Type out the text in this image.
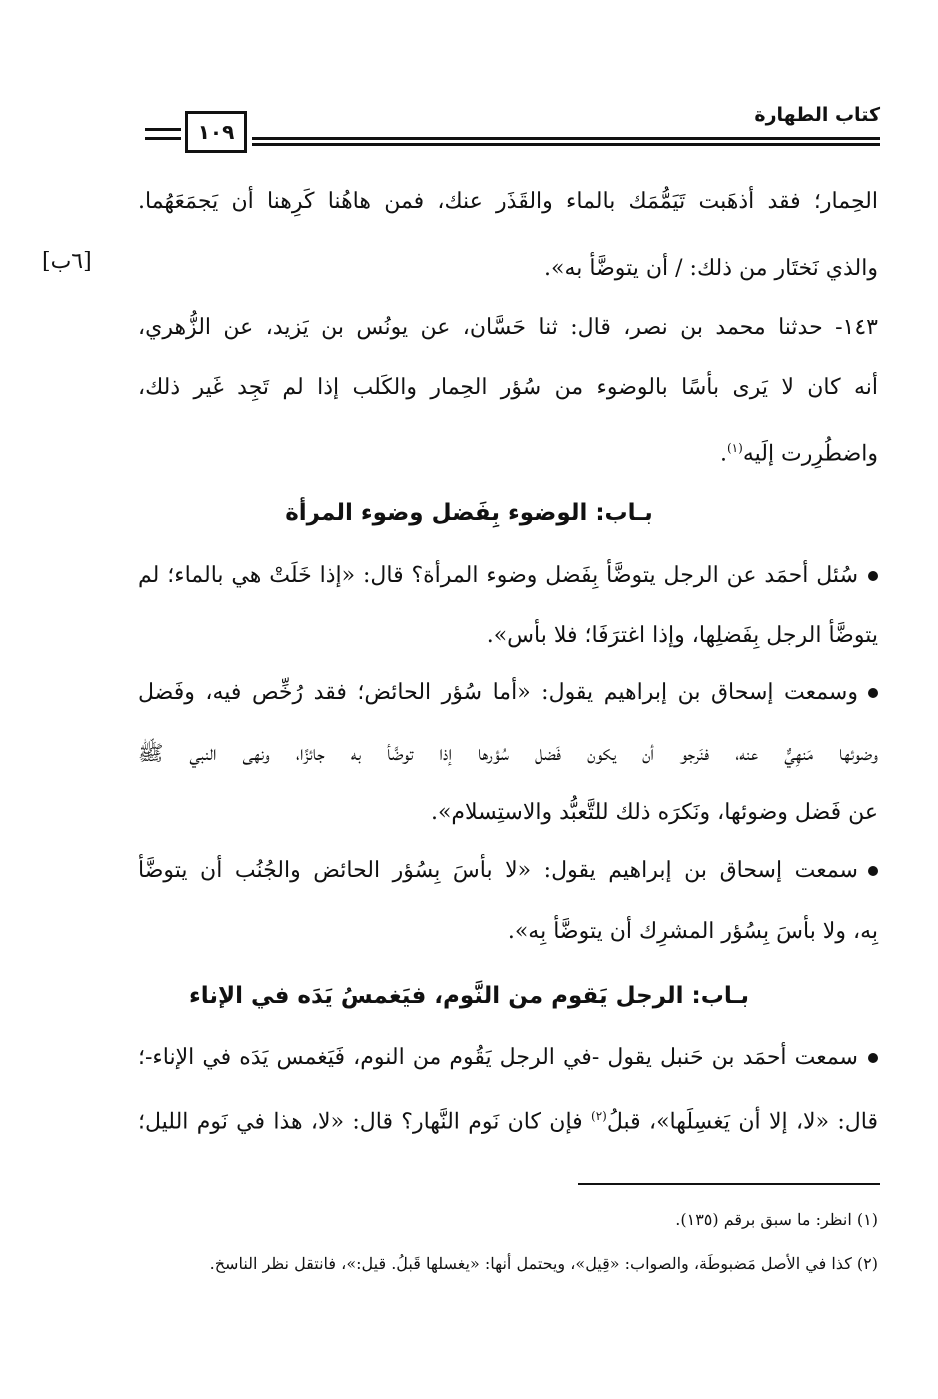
كتاب الطهارة
١٠٩
[٦ب]
الحِمار؛ فقد أذهَبت تَيَمُّمَك بالماء والقَذَر عنك، فمن هاهُنا كَرِهنا أن يَجمَعَهُما.
والذي نَختَار من ذلك: / أن يتوضَّأ به».
١٤٣- حدثنا محمد بن نصر، قال: ثنا حَسَّان، عن يونُس بن يَزيد، عن الزُّهري،
أنه كان لا يَرى بأسًا بالوضوء من سُؤر الحِمار والكَلب إذا لم تَجِد غَير ذلك،
واضطُرِرت إلَيه$^{(١)}$.
بـاب: الوضوء بِفَضل وضوء المرأة
سُئل أحمَد عن الرجل يتوضَّأ بِفَضل وضوء المرأة؟ قال: «إذا خَلَتْ هي بالماء؛ لم
يتوضَّأ الرجل بِفَضلِها، وإذا اغترَفَا؛ فلا بأس».
وسمعت إسحاق بن إبراهيم يقول: «أما سُؤر الحائض؛ فقد رُخِّص فيه، وفَضل
وضوئها مَنهِيٌّ عنه، فنَرجو أن يكون فَضل سُؤرها إذا توضَّأ به جائزًا، ونهى النبي ﷺ
عن فَضل وضوئها، ونَكرَه ذلك للتَّعبُّد والاستِسلام».
سمعت إسحاق بن إبراهيم يقول: «لا بأسَ بِسُؤر الحائض والجُنُب أن يتوضَّأ
بِه، ولا بأسَ بِسُؤر المشرِك أن يتوضَّأ بِه».
بـاب: الرجل يَقوم من النَّوم، فيَغمسُ يَدَه في الإناء
سمعت أحمَد بن حَنبل يقول -في الرجل يَقُوم من النوم، فَيَغمس يَدَه في الإناء-؛
قال: «لا، إلا أن يَغسِلَها»، قبلُ$^{(٢)}$ فإن كان نَوم النَّهار؟ قال: «لا، هذا في نَوم الليل؛
(١) انظر: ما سبق برقم (١٣٥).
(٢) كذا في الأصل مَضبوطَة، والصواب: «قِيل»، ويحتمل أنها: «يغسلها قَبلُ. قيل:»، فانتقل نظر الناسخ.
